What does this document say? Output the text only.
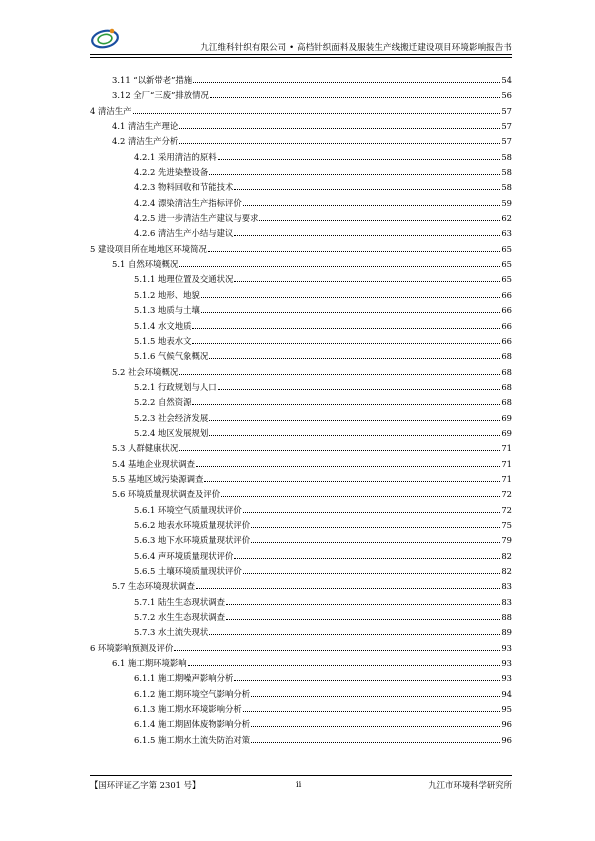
九江维科针织有限公司 • 高档针织面料及服装生产线搬迁建设项目环境影响报告书
3.11 “以新带老”措施	54
3.12 全厂“三废”排放情况	56
4 清洁生产	57
4.1 清洁生产理论	57
4.2 清洁生产分析	57
4.2.1 采用清洁的原料	58
4.2.2 先进染整设备	58
4.2.3 物料回收和节能技术	58
4.2.4 漂染清洁生产指标评价	59
4.2.5 进一步清洁生产建议与要求	62
4.2.6 清洁生产小结与建议	63
5 建设项目所在地地区环境简况	65
5.1 自然环境概况	65
5.1.1 地理位置及交通状况	65
5.1.2 地形、地貌	66
5.1.3 地质与土壤	66
5.1.4 水文地质	66
5.1.5 地表水文	66
5.1.6 气候气象概况	68
5.2 社会环境概况	68
5.2.1 行政规划与人口	68
5.2.2 自然资源	68
5.2.3 社会经济发展	69
5.2.4 地区发展规划	69
5.3 人群健康状况	71
5.4 基地企业现状调查	71
5.5 基地区域污染源调查	71
5.6 环境质量现状调查及评价	72
5.6.1 环境空气质量现状评价	72
5.6.2 地表水环境质量现状评价	75
5.6.3 地下水环境质量现状评价	79
5.6.4 声环境质量现状评价	82
5.6.5 土壤环境质量现状评价	82
5.7 生态环境现状调查	83
5.7.1 陆生生态现状调查	83
5.7.2 水生生态现状调查	88
5.7.3 水土流失现状	89
6 环境影响预测及评价	93
6.1 施工期环境影响	93
6.1.1 施工期噪声影响分析	93
6.1.2 施工期环境空气影响分析	94
6.1.3 施工期水环境影响分析	95
6.1.4 施工期固体废物影响分析	96
6.1.5 施工期水土流失防治对策	96
【国环评证乙字第 2301 号】	ii	九江市环境科学研究所
